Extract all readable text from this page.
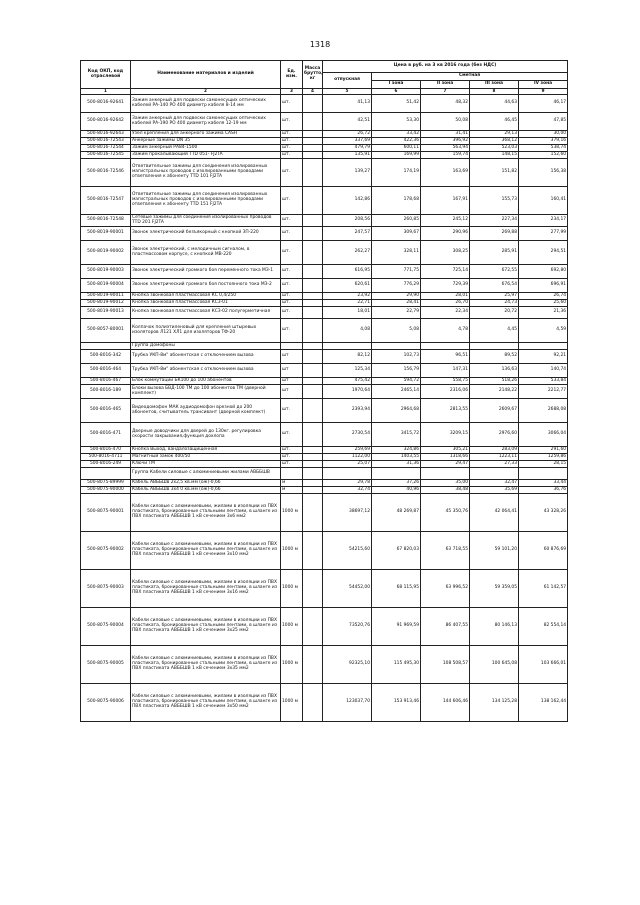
1318
Код ОКП, код отраслевой	Наименование материалов и изделий	Ед. изм.	Масса брутто, кг	Цена в руб. на 3 кв 2016 года (без НДС)				
				отпускная	Сметная			
					I зона	II зона	III зона	IV зона
1	2	3	4	5	6	7	8	9
500-8016-92641	Зажим анкерный для подвески самонесущих оптических кабелей РА-140 РО 400 диаметр кабеля 8-14 мм	шт.		41,13	51,42	48,32	44,63	46,17
500-8016-92642	Зажим анкерный для подвески самонесущих оптических кабелей РА-190 РО 400 диаметр кабеля 12-19 мм	шт.		42,51	53,30	50,08	46,45	47,85
500-8016-92643	Узел крепления для анкерного зажима CASH	шт.		26,72	33,42	31,41	29,13	30,00
500-8016-72543	Анкерные зажимы DN 35	шт.		337,69	422,36	396,92	368,12	379,16
500-8016-72544	Зажим анкерный РА84-1500	шт.		479,79	600,11	563,94	523,03	538,74
500-8016-72545	Зажим прокалывающий ТТD 051- FJ2TA	шт.		135,91	169,99	159,74	148,15	152,60
500-8016-72546	Ответвительные зажимы для соединения изолированных магистральных проводов с изолированными проводами ответвления к абоненту ТТD 101 FJ2TA	шт.		139,27	174,19	163,69	151,82	156,38
500-8016-72547	Ответвительные зажимы для соединения изолированных магистральных проводов с изолированными проводами ответвления к абоненту ТТD 151 FJ2TA	шт.		142,86	178,68	167,91	155,73	160,41
500-8016-72548	Сетевые зажимы для соединения изолированных проводов ТТD 201 FJ2TA	шт.		208,56	260,85	245,12	227,34	234,17
500-8019-90001	Звонок электрический безъякорный с кнопкой ЗП-220	шт.		247,57	309,67	290,96	269,88	277,99
500-8019-90002	Звонок электрический, с мелодичным сигналом, в пластмассовом корпусе, с кнопкой МВ-220	шт.		262,27	328,11	308,25	285,91	294,51
500-8019-90003	Звонок электрический громкого боя переменного тока МЗ-1	шт.		616,95	771,75	725,14	672,55	692,80
500-8019-90004	Звонок электрический громкого боя постоянного тока МЗ-2	шт.		620,61	776,29	729,39	676,54	696,91
500-8019-90011	Кнопка звонковая пластмассовая КС 0,4/250	шт.		23,92	29,90	28,01	25,97	26,74
500-8019-90012	Кнопка звонковая пластмассовая КСЗ-01	шт.		22,71	28,41	26,70	24,73	25,60
500-8019-90013	Кнопка звонковая пластмассовая КСЗ-02 полугерметичная	шт.		18,01	22,79	22,34	20,72	21,36
500-8057-80001	Колпачок полиэтиленовый для крепления штыревых изоляторов Л121 ХЛ1 для изоляторов ТФ-20	шт.		4,08	5,08	4,78	4,45	4,59
	Группа Домофоны							
500-8016-342	Трубка УКП-8м" абонентская с отключением вызова	шт		82,12	102,73	96,51	89,52	92,21
500-8016-464	Трубка УКП-8м" абонентская с отключением вызова	шт		125,34	156,79	147,31	136,63	140,74
500-8016-467	Блок коммутации БК100 до 100 абонентов	шт		475,42	594,72	558,75	518,26	533,84
500-8016-189	Блоки вызова БВД-100 ТМ до 100 абонентов ТМ (дверной комплект)	шт		1970,64	2465,14	2316,06	2148,22	2212,77
500-8016-465	Видеодомофон МАК аудиодомофон врезной до 200 абонентов, считыватель трансивант (дверной комплект)	шт.		2393,94	2964,68	2813,55	2609,67	2688,08
500-8016-471	Дверные доводчики для дверей до 130кг. регулировка скорости закрывания,функция дохлопа	шт.		2730,54	3415,72	3209,15	2976,60	3066,04
500-8016-470	Кнопка Выход, вандалозащищенная	шт.		259,69	324,86	305,21	283,09	291,60
500-8016-4711	Магнитный замок 400/50	шт.		1122,00	1403,55	1318,66	1223,11	1259,86
500-8016-249	Ключи ТМ	шт.		25,07	31,36	29,47	27,33	28,15
	Группа Кабели силовые с алюминиевыми жилами АВББШВ							
500-8075-89999	Кабель АВББШв 2х2,5 кв.мм (ож)-0,66	м		29,78	37,26	35,00	32,47	33,44
500-8075-90000	Кабель АВББШв 3х4 0 кв.мм (ож)-0,66	м		32,74	40,96	38,48	35,69	36,76
500-8075-90001	Кабели силовые с алюминиевыми, жилами в изоляции из ПВХ пластиката, бронированные стальными лентами, в шланге из ПВХ пластиката АВББШВ 1 кВ сечением 3х6 мм2	1000 м		38697,12	48 269,87	45 350,76	42 064,41	43 328,26
500-8075-90002	Кабели силовые с алюминиевыми, жилами в изоляции из ПВХ пластиката, бронированные стальными лентами, в шланге из ПВХ пластиката АВББШВ 1 кВ сечением 3х10 мм2	1000 м		54215,60	67 820,03	63 718,55	59 101,20	60 876,69
500-8075-90003	Кабели силовые с алюминиевыми, жилами в изоляции из ПВХ пластиката, бронированные стальными лентами, в шланге из ПВХ пластиката АВББШВ 1 кВ сечением 3х16 мм2	1000 м		54452,00	68 115,95	63 996,52	59 359,05	61 142,57
500-8075-90004	Кабели силовые с алюминиевыми, жилами в изоляции из ПВХ пластиката, бронированные стальными лентами, в шланге из ПВХ пластиката АВББШВ 1 кВ сечением 3х25 мм2	1000 м		73520,76	91 969,59	86 407,55	80 146,13	82 554,14
500-8075-90005	Кабели силовые с алюминиевыми, жилами в изоляции из ПВХ пластиката, бронированные стальными лентами, в шланге из ПВХ пластиката АВББШВ 1 кВ сечением 3х35 мм2	1000 м		92325,10	115 495,30	108 508,57	100 645,08	103 666,01
500-8075-90006	Кабели силовые с алюминиевыми, жилами в изоляции из ПВХ пластиката, бронированные стальными лентами, в шланге из ПВХ пластиката АВББШВ 1 кВ сечением 3х50 мм2	1000 м		123037,70	153 913,46	144 606,46	134 125,28	138 162,44
